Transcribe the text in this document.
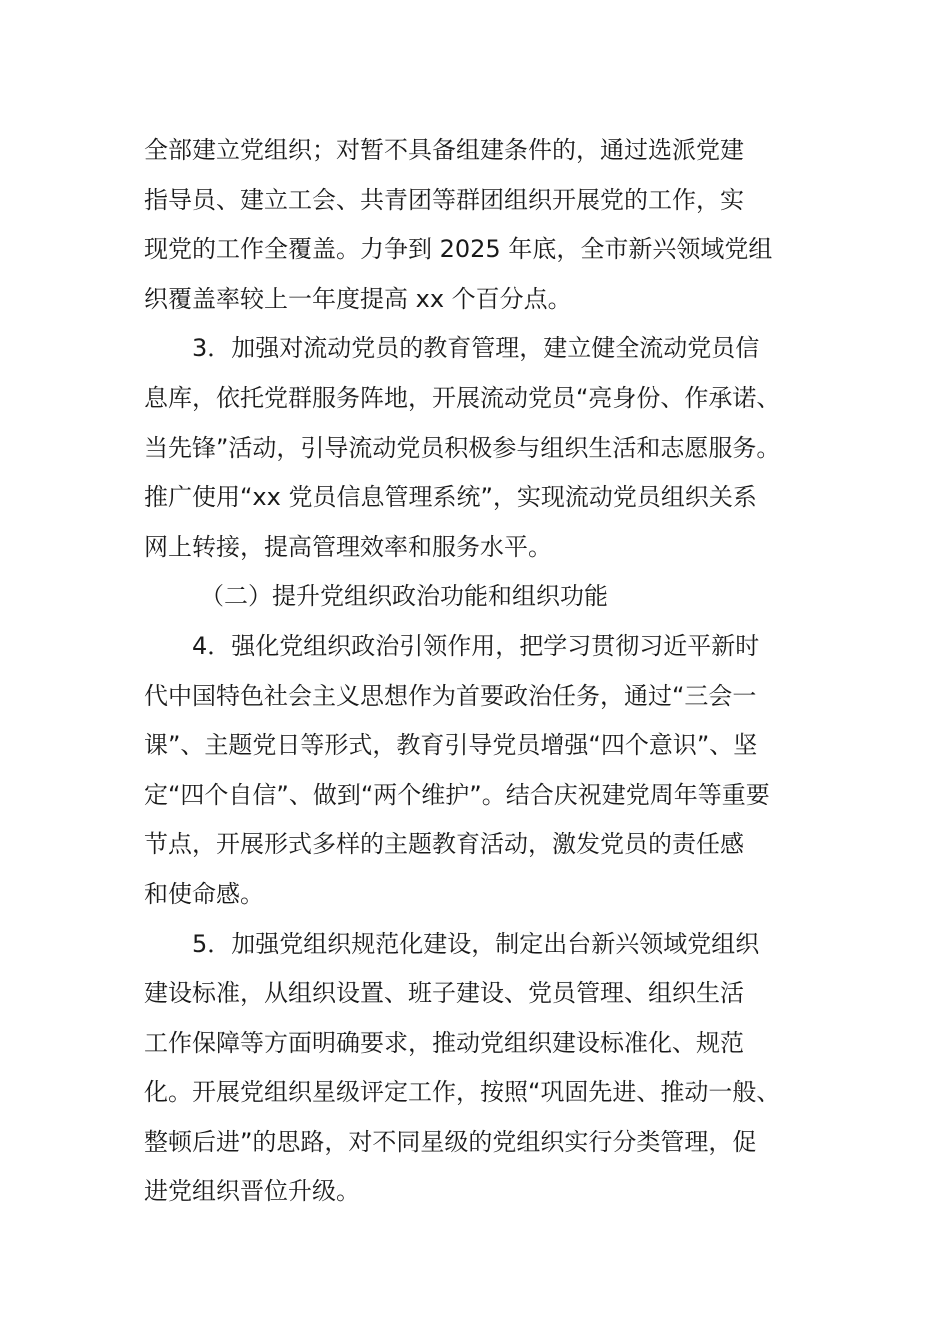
全部建立党组织；对暂不具备组建条件的，通过选派党建
指导员、建立工会、共青团等群团组织开展党的工作，实
现党的工作全覆盖。力争到 2025 年底，全市新兴领域党组
织覆盖率较上一年度提高 xx 个百分点。
3．加强对流动党员的教育管理，建立健全流动党员信
息库，依托党群服务阵地，开展流动党员“亮身份、作承诺、
当先锋”活动，引导流动党员积极参与组织生活和志愿服务。
推广使用“xx 党员信息管理系统”，实现流动党员组织关系
网上转接，提高管理效率和服务水平。
（二）提升党组织政治功能和组织功能
4．强化党组织政治引领作用，把学习贯彻习近平新时
代中国特色社会主义思想作为首要政治任务，通过“三会一
课”、主题党日等形式，教育引导党员增强“四个意识”、坚
定“四个自信”、做到“两个维护”。结合庆祝建党周年等重要
节点，开展形式多样的主题教育活动，激发党员的责任感
和使命感。
5．加强党组织规范化建设，制定出台新兴领域党组织
建设标准，从组织设置、班子建设、党员管理、组织生活
工作保障等方面明确要求，推动党组织建设标准化、规范
化。开展党组织星级评定工作，按照“巩固先进、推动一般、
整顿后进”的思路，对不同星级的党组织实行分类管理，促
进党组织晋位升级。
